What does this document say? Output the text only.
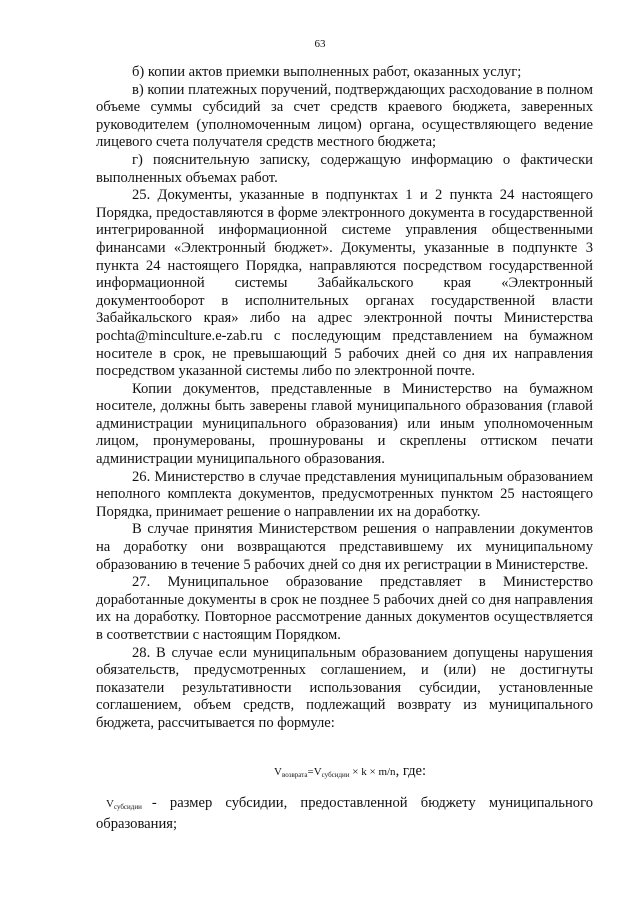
63

б) копии актов приемки выполненных работ, оказанных услуг;

в) копии платежных поручений, подтверждающих расходование в полном объеме суммы субсидий за счет средств краевого бюджета, заверенных руководителем (уполномоченным лицом) органа, осуществляющего ведение лицевого счета получателя средств местного бюджета;

г) пояснительную записку, содержащую информацию о фактически выполненных объемах работ.

25. Документы, указанные в подпунктах 1 и 2 пункта 24 настоящего Порядка, предоставляются в форме электронного документа в государственной интегрированной информационной системе управления общественными финансами «Электронный бюджет». Документы, указанные в подпункте 3 пункта 24 настоящего Порядка, направляются посредством государственной информационной системы Забайкальского края «Электронный документооборот в исполнительных органах государственной власти Забайкальского края» либо на адрес электронной почты Министерства pochta@minculture.e-zab.ru с последующим представлением на бумажном носителе в срок, не превышающий 5 рабочих дней со дня их направления посредством указанной системы либо по электронной почте.

Копии документов, представленные в Министерство на бумажном носителе, должны быть заверены главой муниципального образования (главой администрации муниципального образования) или иным уполномоченным лицом, пронумерованы, прошнурованы и скреплены оттиском печати администрации муниципального образования.

26. Министерство в случае представления муниципальным образованием неполного комплекта документов, предусмотренных пунктом 25 настоящего Порядка, принимает решение о направлении их на доработку.

В случае принятия Министерством решения о направлении документов на доработку они возвращаются представившему их муниципальному образованию в течение 5 рабочих дней со дня их регистрации в Министерстве.

27. Муниципальное образование представляет в Министерство доработанные документы в срок не позднее 5 рабочих дней со дня направления их на доработку. Повторное рассмотрение данных документов осуществляется в соответствии с настоящим Порядком.

28. В случае если муниципальным образованием допущены нарушения обязательств, предусмотренных соглашением, и (или) не достигнуты показатели результативности использования субсидии, установленные соглашением, объем средств, подлежащий возврату из муниципального бюджета, рассчитывается по формуле:

$V_{возврата}=V_{субсидии} \times k \times m/n$, где:

$V_{субсидии}$ - размер субсидии, предоставленной бюджету муниципального образования;
